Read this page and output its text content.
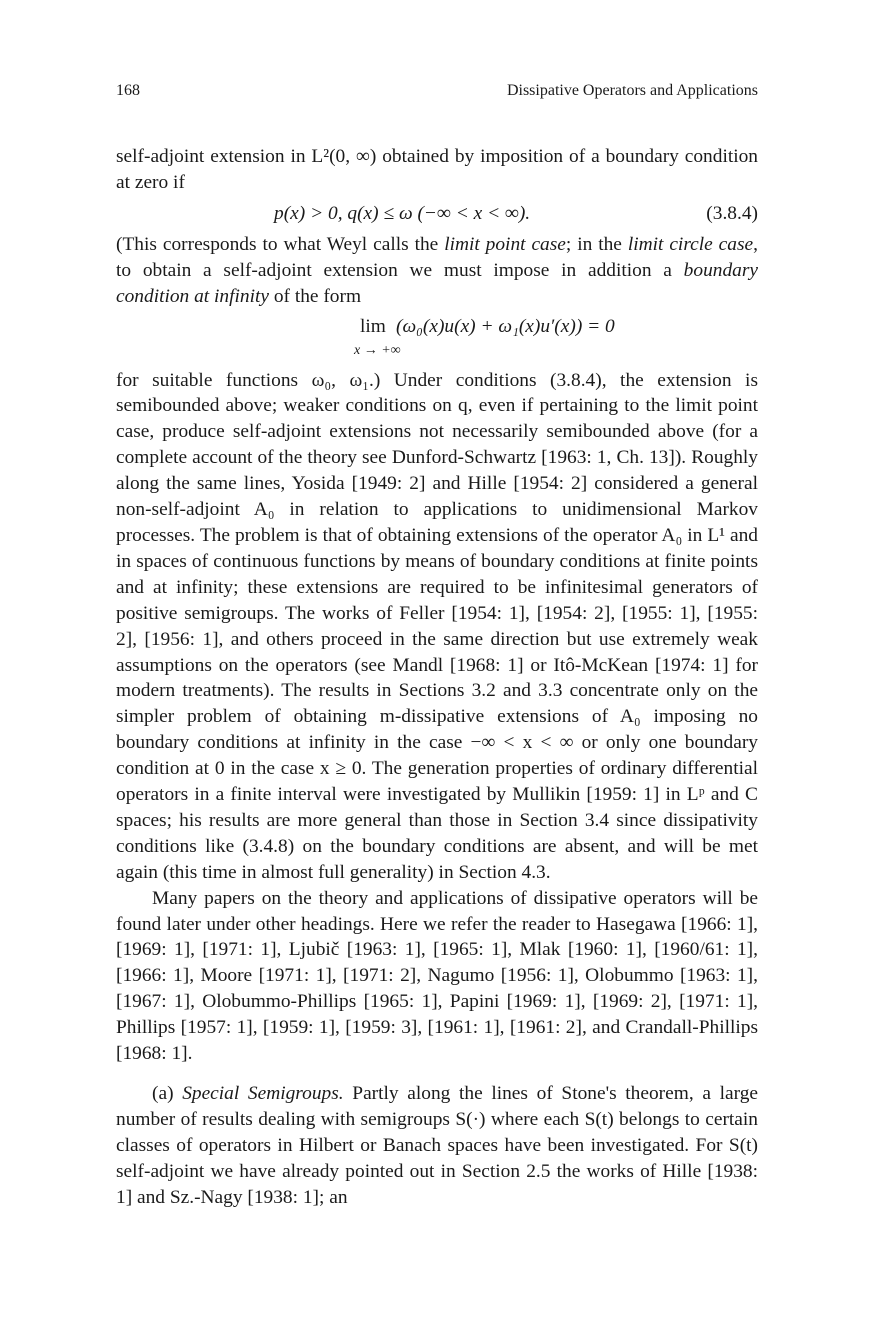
168	Dissipative Operators and Applications

self-adjoint extension in L²(0, ∞) obtained by imposition of a boundary condition at zero if

p(x) > 0, q(x) ≤ ω (−∞ < x < ∞).	(3.8.4)

(This corresponds to what Weyl calls the limit point case; in the limit circle case, to obtain a self-adjoint extension we must impose in addition a boundary condition at infinity of the form

lim
x → +∞
(ω₀(x)u(x) + ω₁(x)u′(x)) = 0

for suitable functions ω₀, ω₁.) Under conditions (3.8.4), the extension is semibounded above; weaker conditions on q, even if pertaining to the limit point case, produce self-adjoint extensions not necessarily semibounded above (for a complete account of the theory see Dunford-Schwartz [1963: 1, Ch. 13]). Roughly along the same lines, Yosida [1949: 2] and Hille [1954: 2] considered a general non-self-adjoint A₀ in relation to applications to unidimensional Markov processes. The problem is that of obtaining extensions of the operator A₀ in L¹ and in spaces of continuous functions by means of boundary conditions at finite points and at infinity; these extensions are required to be infinitesimal generators of positive semigroups. The works of Feller [1954: 1], [1954: 2], [1955: 1], [1955: 2], [1956: 1], and others proceed in the same direction but use extremely weak assumptions on the operators (see Mandl [1968: 1] or Itô-McKean [1974: 1] for modern treatments). The results in Sections 3.2 and 3.3 concentrate only on the simpler problem of obtaining m-dissipative extensions of A₀ imposing no boundary conditions at infinity in the case −∞ < x < ∞ or only one boundary condition at 0 in the case x ≥ 0. The generation properties of ordinary differential operators in a finite interval were investigated by Mullikin [1959: 1] in Lᵖ and C spaces; his results are more general than those in Section 3.4 since dissipativity conditions like (3.4.8) on the boundary conditions are absent, and will be met again (this time in almost full generality) in Section 4.3.

Many papers on the theory and applications of dissipative operators will be found later under other headings. Here we refer the reader to Hasegawa [1966: 1], [1969: 1], [1971: 1], Ljubič [1963: 1], [1965: 1], Mlak [1960: 1], [1960/61: 1], [1966: 1], Moore [1971: 1], [1971: 2], Nagumo [1956: 1], Olobummo [1963: 1], [1967: 1], Olobummo-Phillips [1965: 1], Papini [1969: 1], [1969: 2], [1971: 1], Phillips [1957: 1], [1959: 1], [1959: 3], [1961: 1], [1961: 2], and Crandall-Phillips [1968: 1].

(a) Special Semigroups. Partly along the lines of Stone's theorem, a large number of results dealing with semigroups S(·) where each S(t) belongs to certain classes of operators in Hilbert or Banach spaces have been investigated. For S(t) self-adjoint we have already pointed out in Section 2.5 the works of Hille [1938: 1] and Sz.-Nagy [1938: 1]; an
